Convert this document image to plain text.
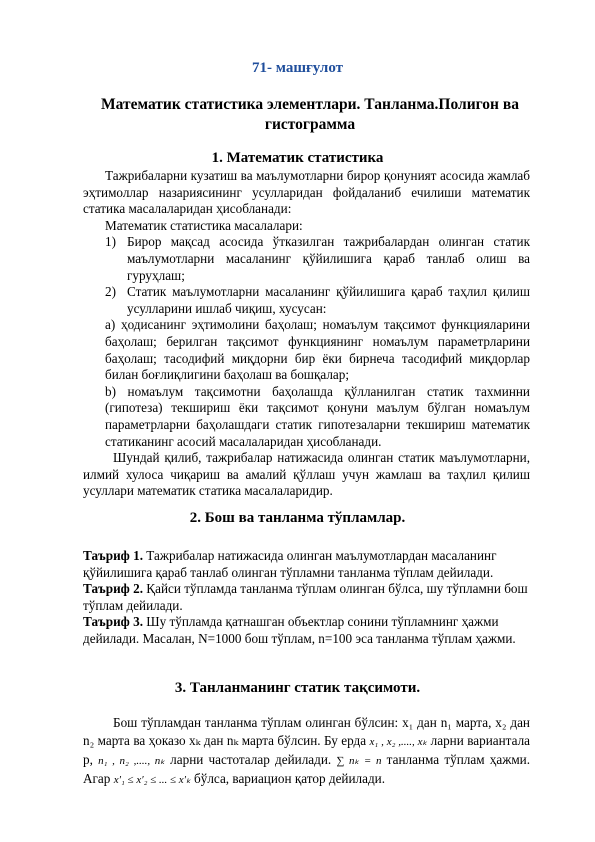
71- машғулот
Математик статистика элементлари. Танланма.Полигон ва гистограмма
1. Математик статистика

Тажрибаларни кузатиш ва маълумотларни бирор қонуният асосида жамлаб эҳтимоллар назариясининг усулларидан фойдаланиб ечилиши математик статика масалаларидан ҳисобланади:

Математик статистика масалалари:

1) Бирор мақсад асосида ўтказилган тажрибалардан олинган статик маълумотларни масаланинг қўйилишига қараб танлаб олиш ва гуруҳлаш;
2) Статик маълумотларни масаланинг қўйилишига қараб таҳлил қилиш усулларини ишлаб чиқиш, хусусан:

a) ҳодисанинг эҳтимолини баҳолаш; номаълум тақсимот функцияларини баҳолаш; берилган тақсимот функциянинг номаълум параметрларини баҳолаш; тасодифий миқдорни бир ёки бирнеча тасодифий миқдорлар билан боғлиқлигини баҳолаш ва бошқалар;

b) номаълум тақсимотни баҳолашда қўлланилган статик тахминни (гипотеза) текшириш ёки тақсимот қонуни маълум бўлган номаълум параметрларни баҳолашдаги статик гипотезаларни текшириш математик статиканинг асосий масалаларидан ҳисобланади.

Шундай қилиб, тажрибалар натижасида олинган статик маълумотларни, илмий хулоса чиқариш ва амалий қўллаш учун жамлаш ва таҳлил қилиш усуллари математик статика масалаларидир.

2. Бош ва танланма тўпламлар.

Таъриф 1. Тажрибалар натижасида олинган маълумотлардан масаланинг қўйилишига қараб танлаб олинган тўпламни танланма тўплам дейилади.

Таъриф 2. Қайси тўпламда танланма тўплам олинган бўлса, шу тўпламни бош тўплам дейилади.

Таъриф 3. Шу тўпламда қатнашган объектлар сонини тўпламнинг ҳажми дейилади. Масалан, N=1000 бош тўплам, n=100 эса танланма тўплам ҳажми.

3. Танланманинг статик тақсимоти.

Бош тўпламдан танланма тўплам олинган бўлсин: x₁ дан n₁ марта, x₂ дан n₂ марта ва ҳоказо xₖ дан nₖ марта бўлсин. Бу ерда x₁ , x₂ ,...., xₖ ларни вариантала р, n₁ , n₂ ,...., nₖ ларни частоталар дейилади. ∑ nₖ = n танланма тўплам ҳажми. Агар x′₁ ≤ x′₂ ≤ ... ≤ x′ₖ бўлса, вариацион қатор дейилади.
